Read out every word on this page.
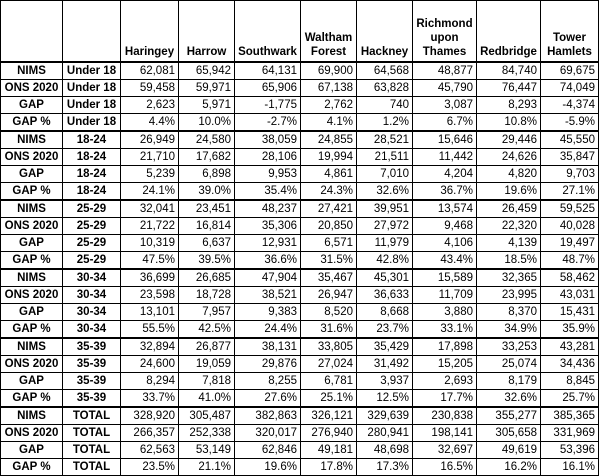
		Haringey	Harrow	Southwark	Waltham Forest	Hackney	Richmond upon Thames	Redbridge	Tower Hamlets
NIMS	Under 18	62,081	65,942	64,131	69,900	64,568	48,877	84,740	69,675
ONS 2020	Under 18	59,458	59,971	65,906	67,138	63,828	45,790	76,447	74,049
GAP	Under 18	2,623	5,971	-1,775	2,762	740	3,087	8,293	-4,374
GAP %	Under 18	4.4%	10.0%	-2.7%	4.1%	1.2%	6.7%	10.8%	-5.9%
NIMS	18-24	26,949	24,580	38,059	24,855	28,521	15,646	29,446	45,550
ONS 2020	18-24	21,710	17,682	28,106	19,994	21,511	11,442	24,626	35,847
GAP	18-24	5,239	6,898	9,953	4,861	7,010	4,204	4,820	9,703
GAP %	18-24	24.1%	39.0%	35.4%	24.3%	32.6%	36.7%	19.6%	27.1%
NIMS	25-29	32,041	23,451	48,237	27,421	39,951	13,574	26,459	59,525
ONS 2020	25-29	21,722	16,814	35,306	20,850	27,972	9,468	22,320	40,028
GAP	25-29	10,319	6,637	12,931	6,571	11,979	4,106	4,139	19,497
GAP %	25-29	47.5%	39.5%	36.6%	31.5%	42.8%	43.4%	18.5%	48.7%
NIMS	30-34	36,699	26,685	47,904	35,467	45,301	15,589	32,365	58,462
ONS 2020	30-34	23,598	18,728	38,521	26,947	36,633	11,709	23,995	43,031
GAP	30-34	13,101	7,957	9,383	8,520	8,668	3,880	8,370	15,431
GAP %	30-34	55.5%	42.5%	24.4%	31.6%	23.7%	33.1%	34.9%	35.9%
NIMS	35-39	32,894	26,877	38,131	33,805	35,429	17,898	33,253	43,281
ONS 2020	35-39	24,600	19,059	29,876	27,024	31,492	15,205	25,074	34,436
GAP	35-39	8,294	7,818	8,255	6,781	3,937	2,693	8,179	8,845
GAP %	35-39	33.7%	41.0%	27.6%	25.1%	12.5%	17.7%	32.6%	25.7%
NIMS	TOTAL	328,920	305,487	382,863	326,121	329,639	230,838	355,277	385,365
ONS 2020	TOTAL	266,357	252,338	320,017	276,940	280,941	198,141	305,658	331,969
GAP	TOTAL	62,563	53,149	62,846	49,181	48,698	32,697	49,619	53,396
GAP %	TOTAL	23.5%	21.1%	19.6%	17.8%	17.3%	16.5%	16.2%	16.1%
